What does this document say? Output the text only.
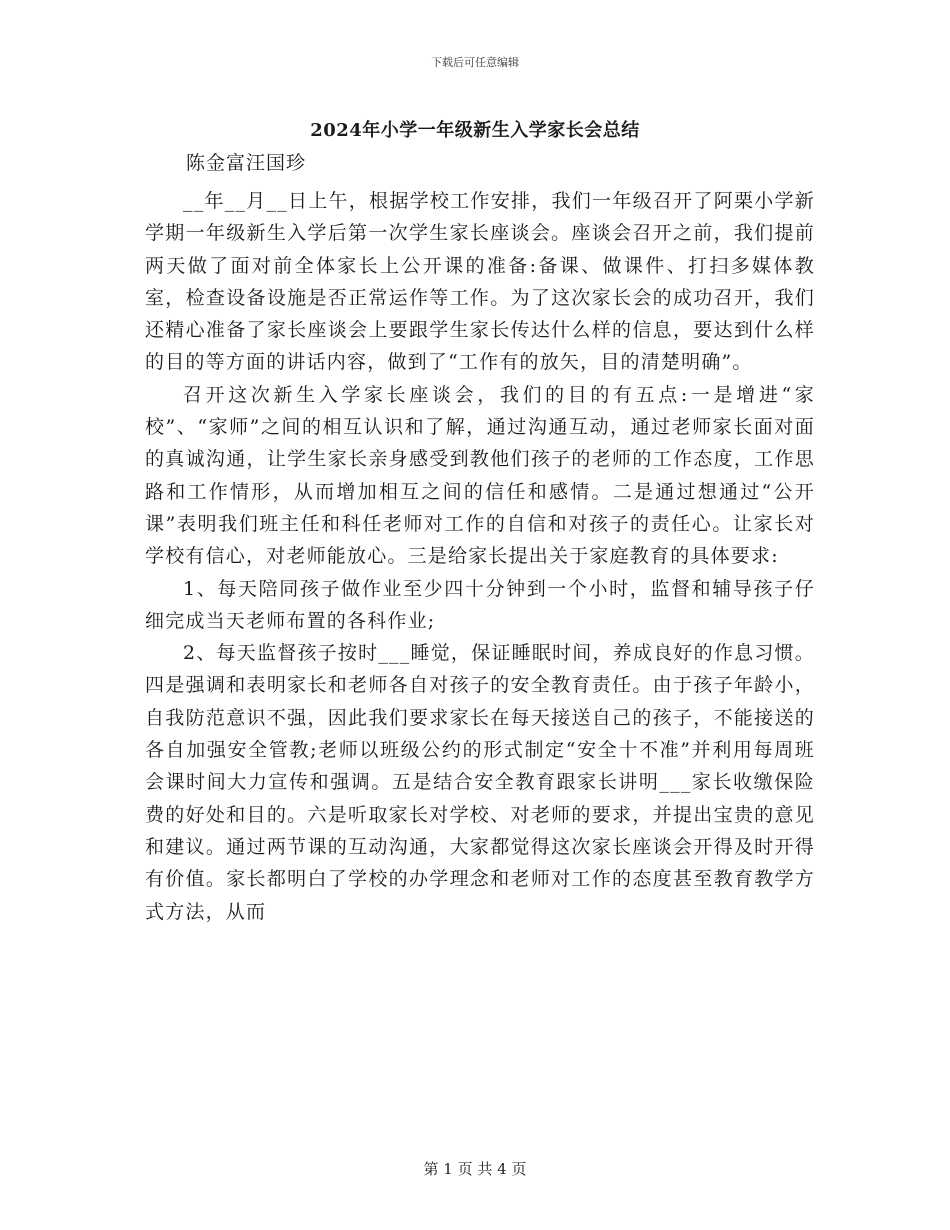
下载后可任意编辑
2024年小学一年级新生入学家长会总结
陈金富汪国珍

__年__月__日上午，根据学校工作安排，我们一年级召开了阿栗小学新学期一年级新生入学后第一次学生家长座谈会。座谈会召开之前，我们提前两天做了面对前全体家长上公开课的准备:备课、做课件、打扫多媒体教室，检查设备设施是否正常运作等工作。为了这次家长会的成功召开，我们还精心准备了家长座谈会上要跟学生家长传达什么样的信息，要达到什么样的目的等方面的讲话内容，做到了“工作有的放矢，目的清楚明确”。

召开这次新生入学家长座谈会，我们的目的有五点:一是增进“家校”、“家师”之间的相互认识和了解，通过沟通互动，通过老师家长面对面的真诚沟通，让学生家长亲身感受到教他们孩子的老师的工作态度，工作思路和工作情形，从而增加相互之间的信任和感情。二是通过想通过“公开课”表明我们班主任和科任老师对工作的自信和对孩子的责任心。让家长对学校有信心，对老师能放心。三是给家长提出关于家庭教育的具体要求:

1、每天陪同孩子做作业至少四十分钟到一个小时，监督和辅导孩子仔细完成当天老师布置的各科作业;

2、每天监督孩子按时___睡觉，保证睡眠时间，养成良好的作息习惯。四是强调和表明家长和老师各自对孩子的安全教育责任。由于孩子年龄小，自我防范意识不强，因此我们要求家长在每天接送自己的孩子，不能接送的各自加强安全管教;老师以班级公约的形式制定“安全十不准”并利用每周班会课时间大力宣传和强调。五是结合安全教育跟家长讲明___家长收缴保险费的好处和目的。六是听取家长对学校、对老师的要求，并提出宝贵的意见和建议。通过两节课的互动沟通，大家都觉得这次家长座谈会开得及时开得有价值。家长都明白了学校的办学理念和老师对工作的态度甚至教育教学方式方法，从而

第 1 页 共 4 页
